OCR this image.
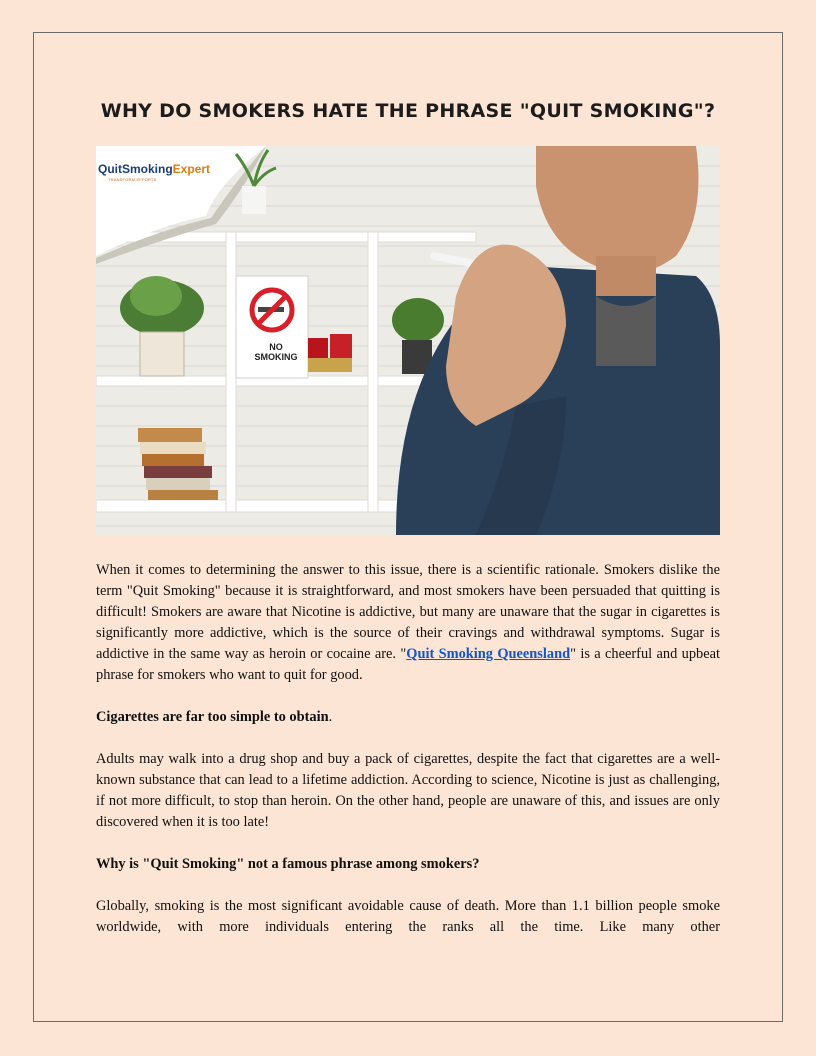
WHY DO SMOKERS HATE THE PHRASE "QUIT SMOKING"?
QuitSmokingExpert
TRANSFORM EFFORTS
NO
SMOKING

When it comes to determining the answer to this issue, there is a scientific rationale. Smokers dislike the term "Quit Smoking" because it is straightforward, and most smokers have been persuaded that quitting is difficult! Smokers are aware that Nicotine is addictive, but many are unaware that the sugar in cigarettes is significantly more addictive, which is the source of their cravings and withdrawal symptoms. Sugar is addictive in the same way as heroin or cocaine are. "Quit Smoking Queensland" is a cheerful and upbeat phrase for smokers who want to quit for good.

Cigarettes are far too simple to obtain.

Adults may walk into a drug shop and buy a pack of cigarettes, despite the fact that cigarettes are a well-known substance that can lead to a lifetime addiction. According to science, Nicotine is just as challenging, if not more difficult, to stop than heroin. On the other hand, people are unaware of this, and issues are only discovered when it is too late!

Why is "Quit Smoking" not a famous phrase among smokers?

Globally, smoking is the most significant avoidable cause of death. More than 1.1 billion people smoke worldwide, with more individuals entering the ranks all the time. Like many other
